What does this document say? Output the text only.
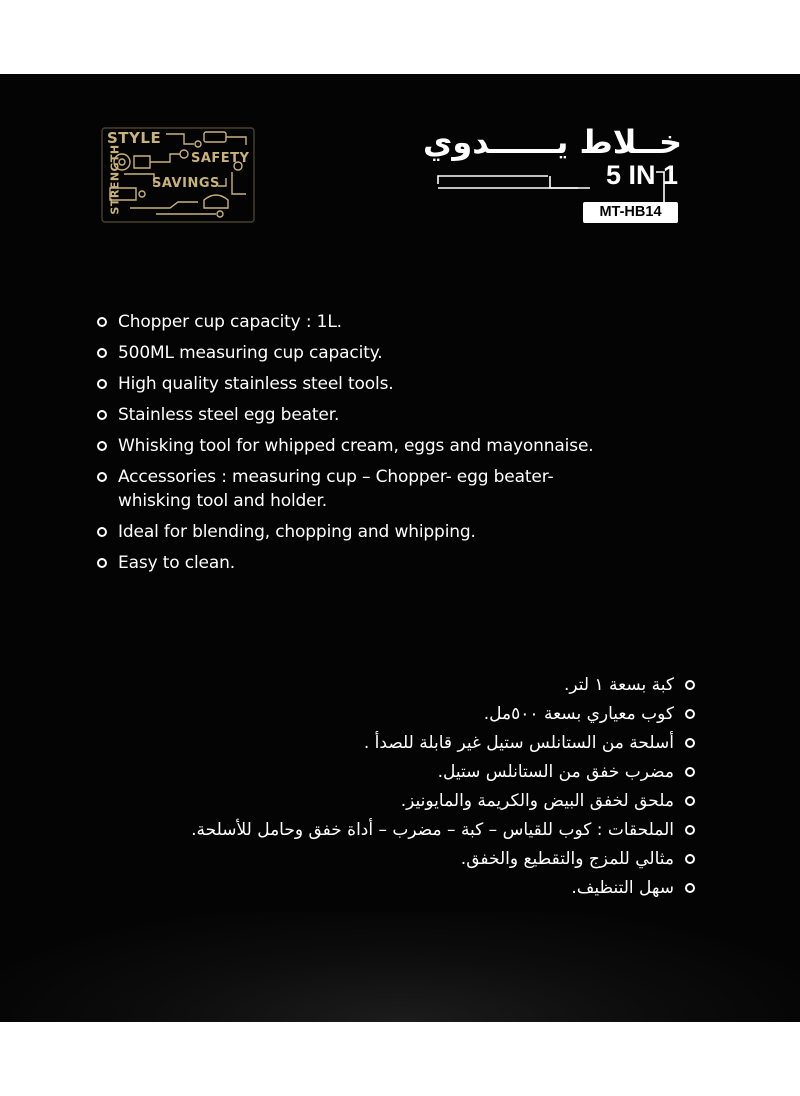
STYLE
SAFETY
SAVINGS
STRENGTH
خــلاط يــــــدوي
5 IN 1
MT-HB14
Chopper cup capacity : 1L.
500ML measuring cup capacity.
High quality stainless steel tools.
Stainless steel egg beater.
Whisking tool for whipped cream, eggs and mayonnaise.
Accessories : measuring cup – Chopper- egg beater- whisking tool and holder.
Ideal for blending, chopping and whipping.
Easy to clean.
كبة بسعة ١ لتر.
كوب معياري بسعة ٥٠٠مل.
أسلحة من الستانلس ستيل غير قابلة للصدأ .
مضرب خفق من الستانلس ستيل.
ملحق لخفق البيض والكريمة والمايونيز.
الملحقات : كوب للقياس – كبة – مضرب – أداة خفق وحامل للأسلحة.
مثالي للمزج والتقطيع والخفق.
سهل التنظيف.
